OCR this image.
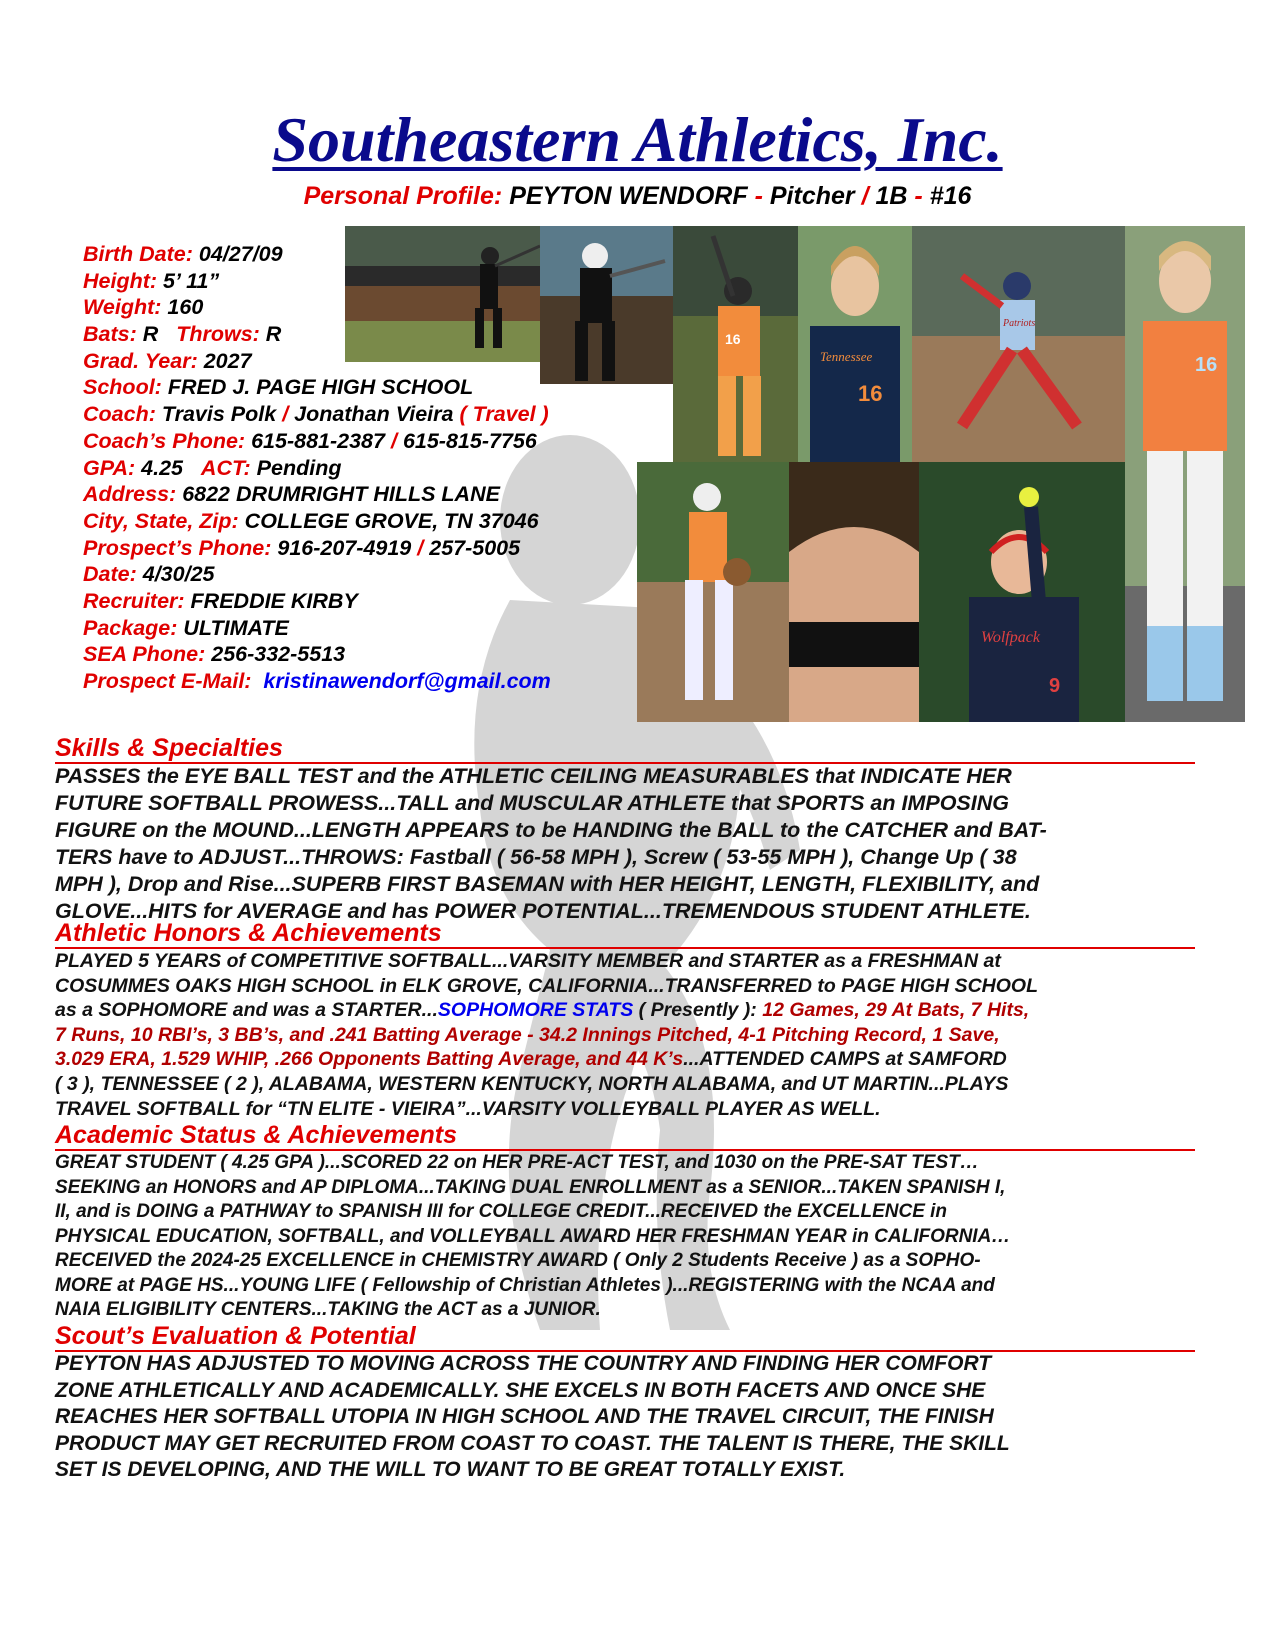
Southeastern Athletics, Inc.
Personal Profile: PEYTON WENDORF - Pitcher / 1B - #16
Birth Date: 04/27/09
Height: 5’ 11”
Weight: 160
Bats: R Throws: R
Grad. Year: 2027
School: FRED J. PAGE HIGH SCHOOL
Coach: Travis Polk / Jonathan Vieira ( Travel )
Coach’s Phone: 615-881-2387 / 615-815-7756
GPA: 4.25 ACT: Pending
Address: 6822 DRUMRIGHT HILLS LANE
City, State, Zip: COLLEGE GROVE, TN 37046
Prospect’s Phone: 916-207-4919 / 257-5005
Date: 4/30/25
Recruiter: FREDDIE KIRBY
Package: ULTIMATE
SEA Phone: 256-332-5513
Prospect E-Mail: kristinawendorf@gmail.com
16
Tennessee
16
Patriots
16
Wolfpack
9
Skills & Specialties
PASSES the EYE BALL TEST and the ATHLETIC CEILING MEASURABLES that INDICATE HER
FUTURE SOFTBALL PROWESS...TALL and MUSCULAR ATHLETE that SPORTS an IMPOSING
FIGURE on the MOUND...LENGTH APPEARS to be HANDING the BALL to the CATCHER and BAT-
TERS have to ADJUST...THROWS: Fastball ( 56-58 MPH ), Screw ( 53-55 MPH ), Change Up ( 38
MPH ), Drop and Rise...SUPERB FIRST BASEMAN with HER HEIGHT, LENGTH, FLEXIBILITY, and
GLOVE...HITS for AVERAGE and has POWER POTENTIAL...TREMENDOUS STUDENT ATHLETE.
Athletic Honors & Achievements
PLAYED 5 YEARS of COMPETITIVE SOFTBALL...VARSITY MEMBER and STARTER as a FRESHMAN at
COSUMMES OAKS HIGH SCHOOL in ELK GROVE, CALIFORNIA...TRANSFERRED to PAGE HIGH SCHOOL
as a SOPHOMORE and was a STARTER...SOPHOMORE STATS ( Presently ): 12 Games, 29 At Bats, 7 Hits,
7 Runs, 10 RBI’s, 3 BB’s, and .241 Batting Average - 34.2 Innings Pitched, 4-1 Pitching Record, 1 Save,
3.029 ERA, 1.529 WHIP, .266 Opponents Batting Average, and 44 K’s...ATTENDED CAMPS at SAMFORD
( 3 ), TENNESSEE ( 2 ), ALABAMA, WESTERN KENTUCKY, NORTH ALABAMA, and UT MARTIN...PLAYS
TRAVEL SOFTBALL for “TN ELITE - VIEIRA”...VARSITY VOLLEYBALL PLAYER AS WELL.
Academic Status & Achievements
GREAT STUDENT ( 4.25 GPA )...SCORED 22 on HER PRE-ACT TEST, and 1030 on the PRE-SAT TEST…
SEEKING an HONORS and AP DIPLOMA...TAKING DUAL ENROLLMENT as a SENIOR...TAKEN SPANISH I,
II, and is DOING a PATHWAY to SPANISH III for COLLEGE CREDIT...RECEIVED the EXCELLENCE in
PHYSICAL EDUCATION, SOFTBALL, and VOLLEYBALL AWARD HER FRESHMAN YEAR in CALIFORNIA…
RECEIVED the 2024-25 EXCELLENCE in CHEMISTRY AWARD ( Only 2 Students Receive ) as a SOPHO-
MORE at PAGE HS...YOUNG LIFE ( Fellowship of Christian Athletes )...REGISTERING with the NCAA and
NAIA ELIGIBILITY CENTERS...TAKING the ACT as a JUNIOR.
Scout’s Evaluation & Potential
PEYTON HAS ADJUSTED TO MOVING ACROSS THE COUNTRY AND FINDING HER COMFORT
ZONE ATHLETICALLY AND ACADEMICALLY. SHE EXCELS IN BOTH FACETS AND ONCE SHE
REACHES HER SOFTBALL UTOPIA IN HIGH SCHOOL AND THE TRAVEL CIRCUIT, THE FINISH
PRODUCT MAY GET RECRUITED FROM COAST TO COAST. THE TALENT IS THERE, THE SKILL
SET IS DEVELOPING, AND THE WILL TO WANT TO BE GREAT TOTALLY EXIST.
